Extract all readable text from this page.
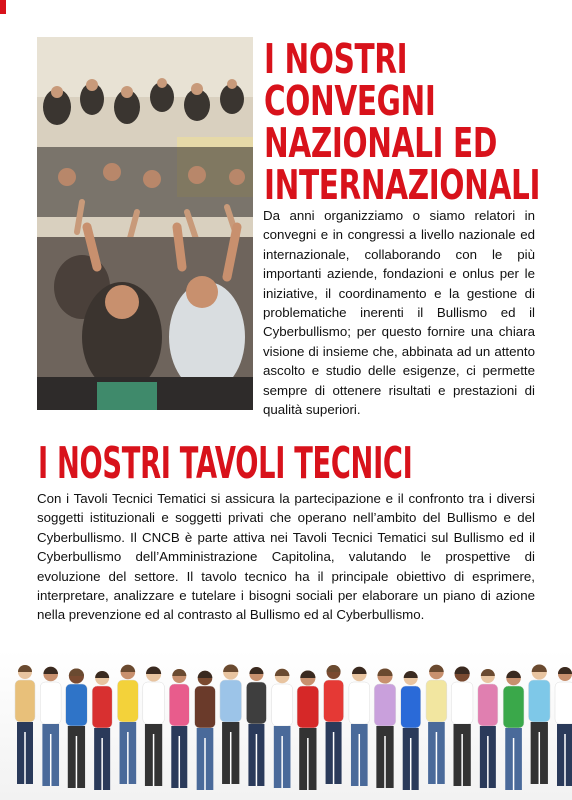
I NOSTRI
CONVEGNI
NAZIONALI ED
INTERNAZIONALI

Da anni organizziamo o siamo relatori in convegni e in congressi a livello nazionale ed internazionale, collaborando con le più importanti aziende, fondazioni e onlus per le iniziative, il coordinamento e la gestione di problematiche inerenti il Bullismo ed il Cyberbullismo; per questo fornire una chiara visione di insieme che, abbinata ad un attento ascolto e studio delle esigenze, ci permette sempre di ottenere risultati e prestazioni di qualità superiori.

I NOSTRI TAVOLI TECNICI

Con i Tavoli Tecnici Tematici si assicura la partecipazione e il confronto tra i diversi soggetti istituzionali e soggetti privati che operano nell’ambito del Bullismo e del Cyberbullismo. Il CNCB è parte attiva nei Tavoli Tecnici Tematici sul Bullismo ed il Cyberbullismo dell’Amministrazione Capitolina, valutando le prospettive di evoluzione del settore. Il tavolo tecnico ha il principale obiettivo di esprimere, interpretare, analizzare e tutelare i bisogni sociali per elaborare un piano di azione nella prevenzione ed al contrasto al Bullismo ed al Cyberbullismo.
